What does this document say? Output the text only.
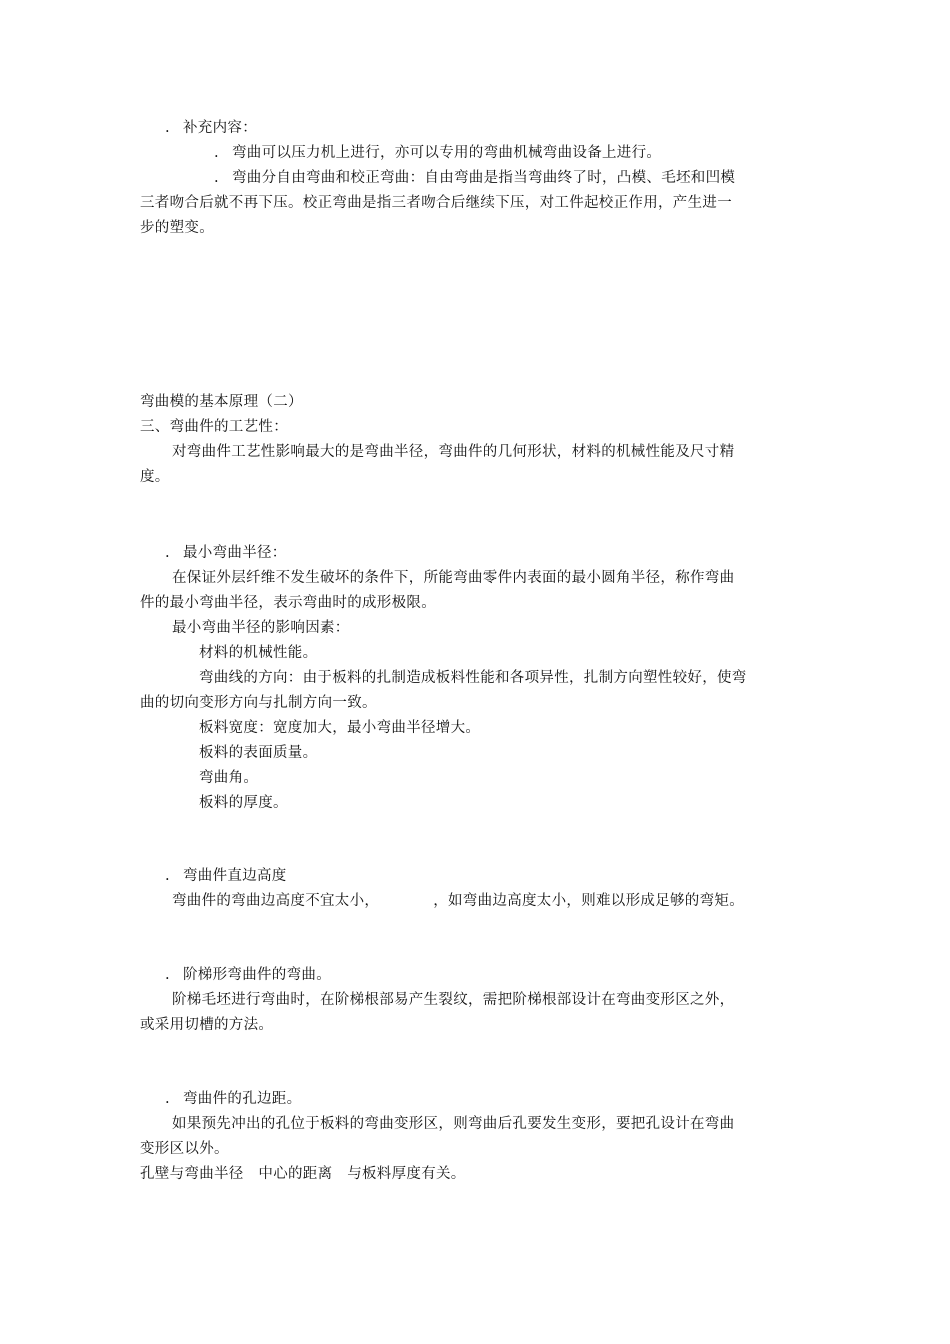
. 补充内容：
. 弯曲可以压力机上进行，亦可以专用的弯曲机械弯曲设备上进行。
. 弯曲分自由弯曲和校正弯曲：自由弯曲是指当弯曲终了时，凸模、毛坯和凹模
三者吻合后就不再下压。校正弯曲是指三者吻合后继续下压，对工件起校正作用，产生进一
步的塑变。
弯曲模的基本原理（二）
三、弯曲件的工艺性：
对弯曲件工艺性影响最大的是弯曲半径，弯曲件的几何形状，材料的机械性能及尺寸精
度。
. 最小弯曲半径：
在保证外层纤维不发生破坏的条件下，所能弯曲零件内表面的最小圆角半径，称作弯曲
件的最小弯曲半径，表示弯曲时的成形极限。
最小弯曲半径的影响因素：
材料的机械性能。
弯曲线的方向：由于板料的扎制造成板料性能和各项异性，扎制方向塑性较好，使弯
曲的切向变形方向与扎制方向一致。
板料宽度：宽度加大，最小弯曲半径增大。
板料的表面质量。
弯曲角。
板料的厚度。
. 弯曲件直边高度
弯曲件的弯曲边高度不宜太小，	，如弯曲边高度太小，则难以形成足够的弯矩。
. 阶梯形弯曲件的弯曲。
阶梯毛坯进行弯曲时，在阶梯根部易产生裂纹，需把阶梯根部设计在弯曲变形区之外，
或采用切槽的方法。
. 弯曲件的孔边距。
如果预先冲出的孔位于板料的弯曲变形区，则弯曲后孔要发生变形，要把孔设计在弯曲
变形区以外。
孔壁与弯曲半径　中心的距离　与板料厚度有关。
